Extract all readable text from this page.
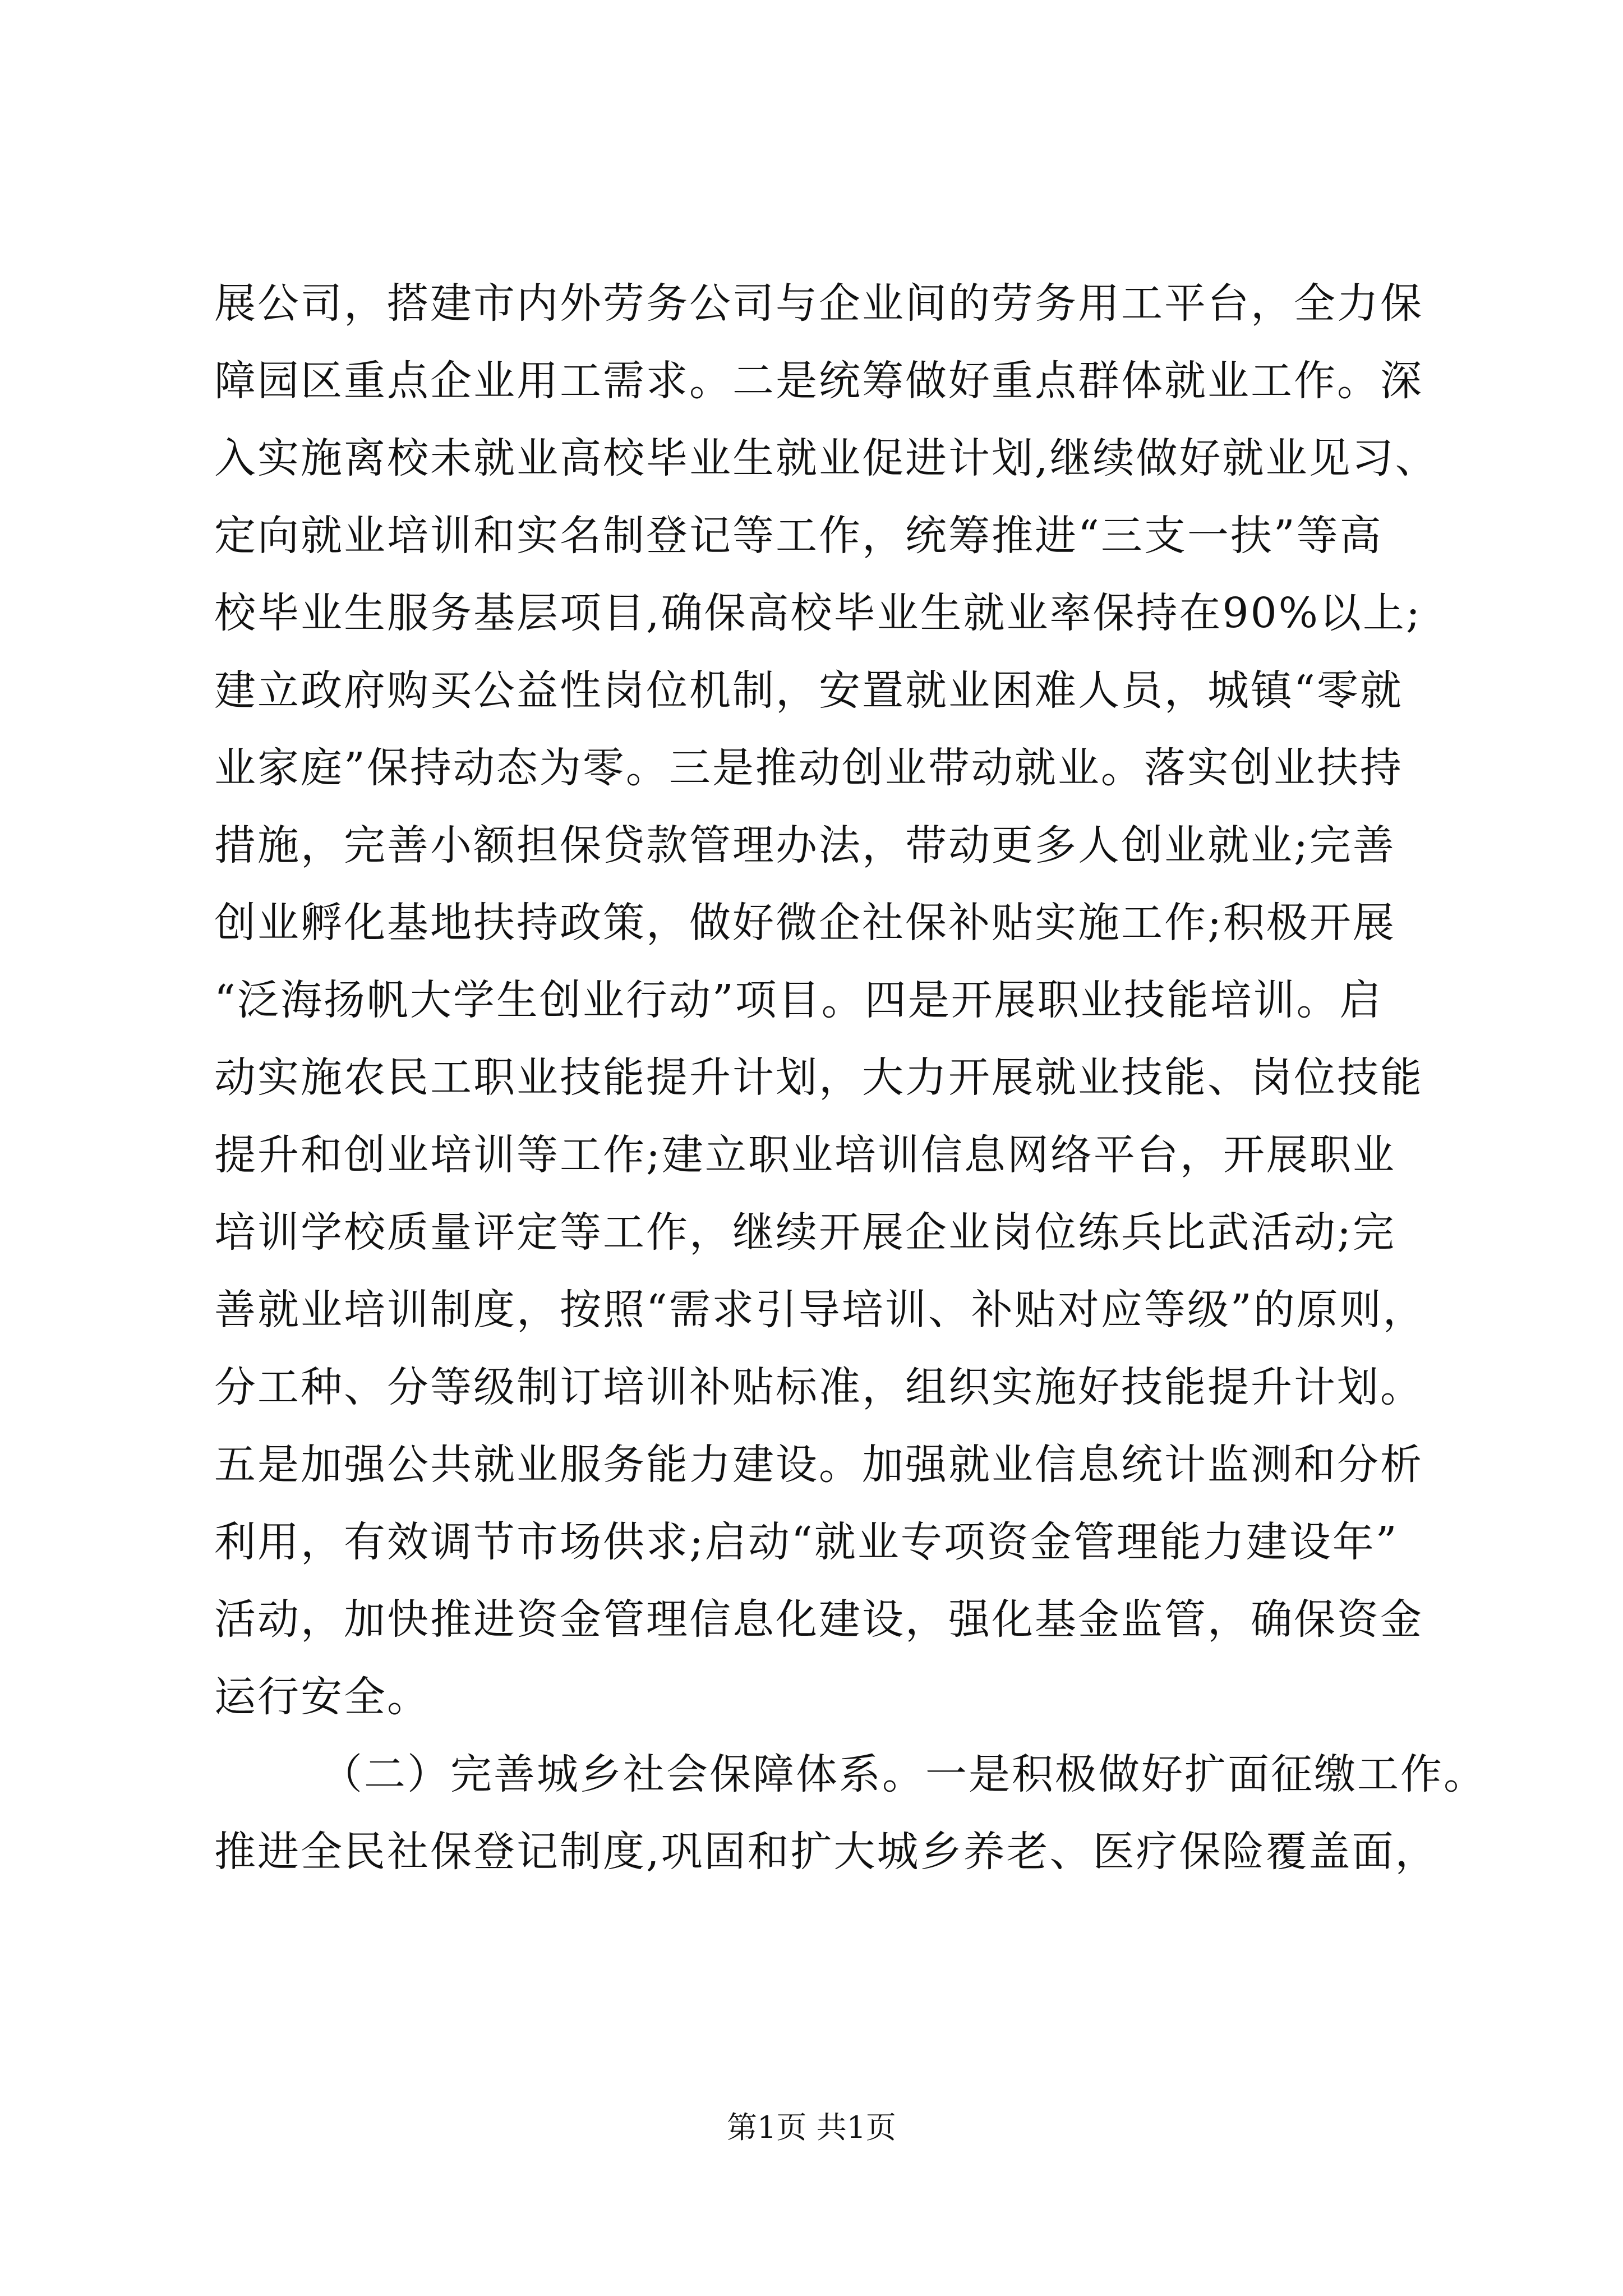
展公司，搭建市内外劳务公司与企业间的劳务用工平台，全力保
障园区重点企业用工需求。二是统筹做好重点群体就业工作。深
入实施离校未就业高校毕业生就业促进计划,继续做好就业见习、
定向就业培训和实名制登记等工作，统筹推进“三支一扶”等高
校毕业生服务基层项目,确保高校毕业生就业率保持在90%以上;
建立政府购买公益性岗位机制，安置就业困难人员，城镇“零就
业家庭”保持动态为零。三是推动创业带动就业。落实创业扶持
措施，完善小额担保贷款管理办法，带动更多人创业就业;完善
创业孵化基地扶持政策，做好微企社保补贴实施工作;积极开展
“泛海扬帆大学生创业行动”项目。四是开展职业技能培训。启
动实施农民工职业技能提升计划，大力开展就业技能、岗位技能
提升和创业培训等工作;建立职业培训信息网络平台，开展职业
培训学校质量评定等工作，继续开展企业岗位练兵比武活动;完
善就业培训制度，按照“需求引导培训、补贴对应等级”的原则，
分工种、分等级制订培训补贴标准，组织实施好技能提升计划。
五是加强公共就业服务能力建设。加强就业信息统计监测和分析
利用，有效调节市场供求;启动“就业专项资金管理能力建设年”
活动，加快推进资金管理信息化建设，强化基金监管，确保资金
运行安全。
（二）完善城乡社会保障体系。一是积极做好扩面征缴工作。
推进全民社保登记制度,巩固和扩大城乡养老、医疗保险覆盖面，
第1页 共1页
